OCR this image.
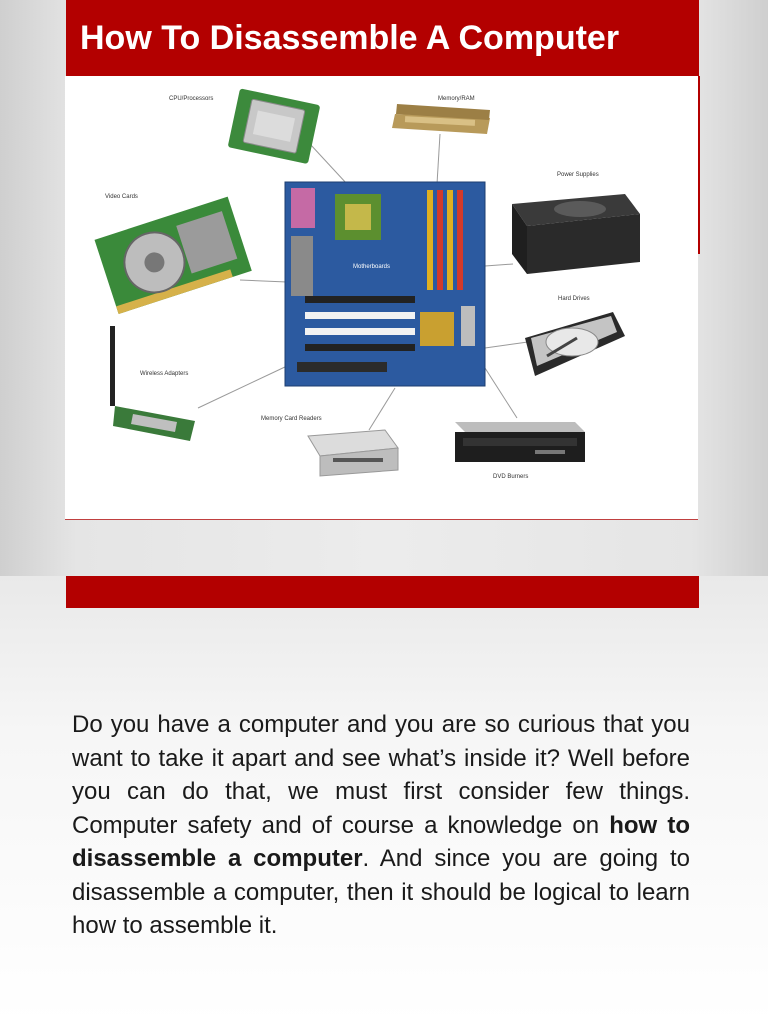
How To Disassemble A Computer
CPU/Processors	Memory/RAM
Power Supplies
Video Cards
Motherboards
Hard Drives
Wireless Adapters
Memory Card Readers
DVD Burners

Do you have a computer and you are so curious that you want to take it apart and see what’s inside it? Well before you can do that, we must first consider few things. Computer safety and of course a knowledge on how to disassemble a computer. And since you are going to disassemble a computer, then it should be logical to learn how to assemble it.
